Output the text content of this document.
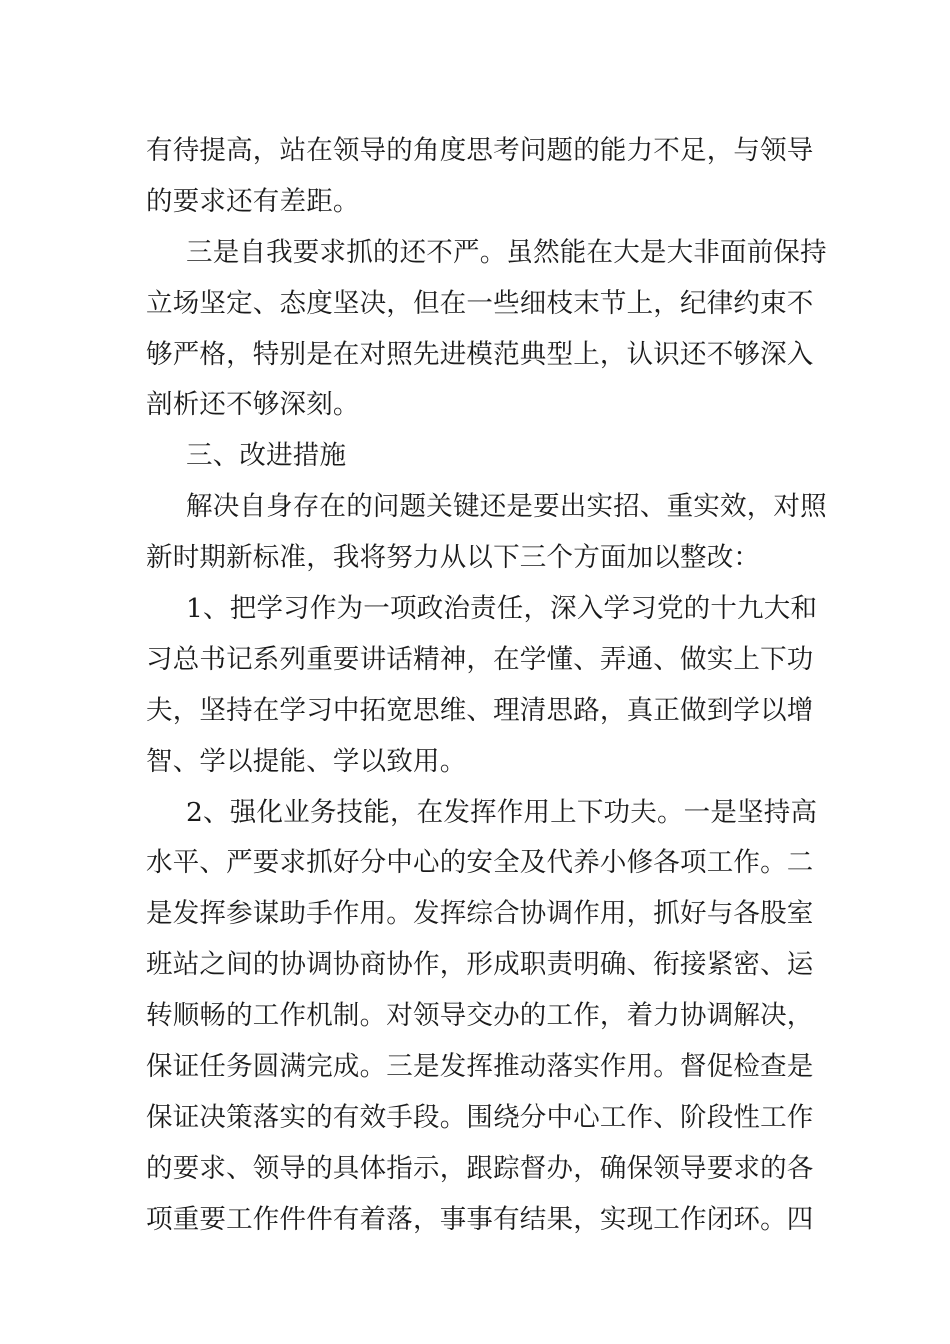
有待提高，站在领导的角度思考问题的能力不足，与领导
的要求还有差距。
三是自我要求抓的还不严。虽然能在大是大非面前保持
立场坚定、态度坚决，但在一些细枝末节上，纪律约束不
够严格，特别是在对照先进模范典型上，认识还不够深入
剖析还不够深刻。
三、改进措施
解决自身存在的问题关键还是要出实招、重实效，对照
新时期新标准，我将努力从以下三个方面加以整改：
1、把学习作为一项政治责任，深入学习党的十九大和
习总书记系列重要讲话精神，在学懂、弄通、做实上下功
夫，坚持在学习中拓宽思维、理清思路，真正做到学以增
智、学以提能、学以致用。
2、强化业务技能，在发挥作用上下功夫。一是坚持高
水平、严要求抓好分中心的安全及代养小修各项工作。二
是发挥参谋助手作用。发挥综合协调作用，抓好与各股室
班站之间的协调协商协作，形成职责明确、衔接紧密、运
转顺畅的工作机制。对领导交办的工作，着力协调解决，
保证任务圆满完成。三是发挥推动落实作用。督促检查是
保证决策落实的有效手段。围绕分中心工作、阶段性工作
的要求、领导的具体指示，跟踪督办，确保领导要求的各
项重要工作件件有着落，事事有结果，实现工作闭环。四
